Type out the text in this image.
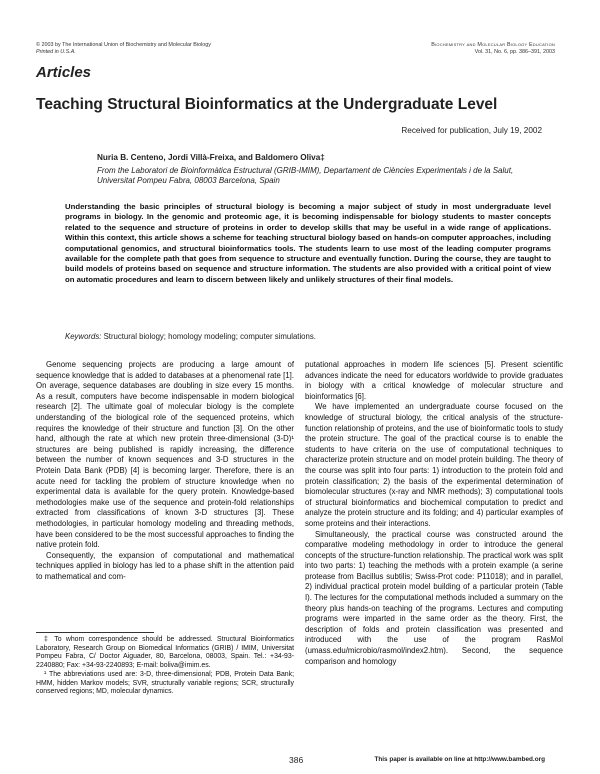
© 2003 by The International Union of Biochemistry and Molecular Biology
Printed in U.S.A.
Biochemistry and Molecular Biology Education
Vol. 31, No. 6, pp. 386–391, 2003
Articles
Teaching Structural Bioinformatics at the Undergraduate Level
Received for publication, July 19, 2002
Nuria B. Centeno, Jordi Villà-Freixa, and Baldomero Oliva‡
From the Laboratori de Bioinformàtica Estructural (GRIB-IMIM), Departament de Ciències Experimentals i de la Salut, Universitat Pompeu Fabra, 08003 Barcelona, Spain
Understanding the basic principles of structural biology is becoming a major subject of study in most undergraduate level programs in biology. In the genomic and proteomic age, it is becoming indispensable for biology students to master concepts related to the sequence and structure of proteins in order to develop skills that may be useful in a wide range of applications. Within this context, this article shows a scheme for teaching structural biology based on hands-on computer approaches, including computational genomics, and structural bioinformatics tools. The students learn to use most of the leading computer programs available for the complete path that goes from sequence to structure and eventually function. During the course, they are taught to build models of proteins based on sequence and structure information. The students are also provided with a critical point of view on automatic procedures and learn to discern between likely and unlikely structures of their final models.
Keywords: Structural biology; homology modeling; computer simulations.

Genome sequencing projects are producing a large amount of sequence knowledge that is added to databases at a phenomenal rate [1]. On average, sequence databases are doubling in size every 15 months. As a result, computers have become indispensable in modern biological research [2]. The ultimate goal of molecular biology is the complete understanding of the biological role of the sequenced proteins, which requires the knowledge of their structure and function [3]. On the other hand, although the rate at which new protein three-dimensional (3-D)¹ structures are being published is rapidly increasing, the difference between the number of known sequences and 3-D structures in the Protein Data Bank (PDB) [4] is becoming larger. Therefore, there is an acute need for tackling the problem of structure knowledge when no experimental data is available for the query protein. Knowledge-based methodologies make use of the sequence and protein-fold relationships extracted from classifications of known 3-D structures [3]. These methodologies, in particular homology modeling and threading methods, have been considered to be the most successful approaches to finding the native protein fold.

Consequently, the expansion of computational and mathematical techniques applied in biology has led to a phase shift in the attention paid to mathematical and com-

putational approaches in modern life sciences [5]. Present scientific advances indicate the need for educators worldwide to provide graduates in biology with a critical knowledge of molecular structure and bioinformatics [6].

We have implemented an undergraduate course focused on the knowledge of structural biology, the critical analysis of the structure-function relationship of proteins, and the use of bioinformatic tools to study the protein structure. The goal of the practical course is to enable the students to have criteria on the use of computational techniques to characterize protein structure and on model protein building. The theory of the course was split into four parts: 1) introduction to the protein fold and protein classification; 2) the basis of the experimental determination of biomolecular structures (x-ray and NMR methods); 3) computational tools of structural bioinformatics and biochemical computation to predict and analyze the protein structure and its folding; and 4) particular examples of some proteins and their interactions.

Simultaneously, the practical course was constructed around the comparative modeling methodology in order to introduce the general concepts of the structure-function relationship. The practical work was split into two parts: 1) teaching the methods with a protein example (a serine protease from Bacillus subtilis; Swiss-Prot code: P11018); and in parallel, 2) individual practical protein model building of a particular protein (Table I). The lectures for the computational methods included a summary on the theory plus hands-on teaching of the programs. Lectures and computing programs were imparted in the same order as the theory. First, the description of folds and protein classification was presented and introduced with the use of the program RasMol (umass.edu/microbio/rasmol/index2.htm). Second, the sequence comparison and homology

‡ To whom correspondence should be addressed. Structural Bioinformatics Laboratory, Research Group on Biomedical Informatics (GRIB) / IMIM, Universitat Pompeu Fabra, C/ Doctor Aiguader, 80, Barcelona, 08003, Spain. Tel.: +34-93-2240880; Fax: +34-93-2240893; E-mail: boliva@imim.es.

¹ The abbreviations used are: 3-D, three-dimensional; PDB, Protein Data Bank; HMM, hidden Markov models; SVR, structurally variable regions; SCR, structurally conserved regions; MD, molecular dynamics.

386	This paper is available on line at http://www.bambed.org
